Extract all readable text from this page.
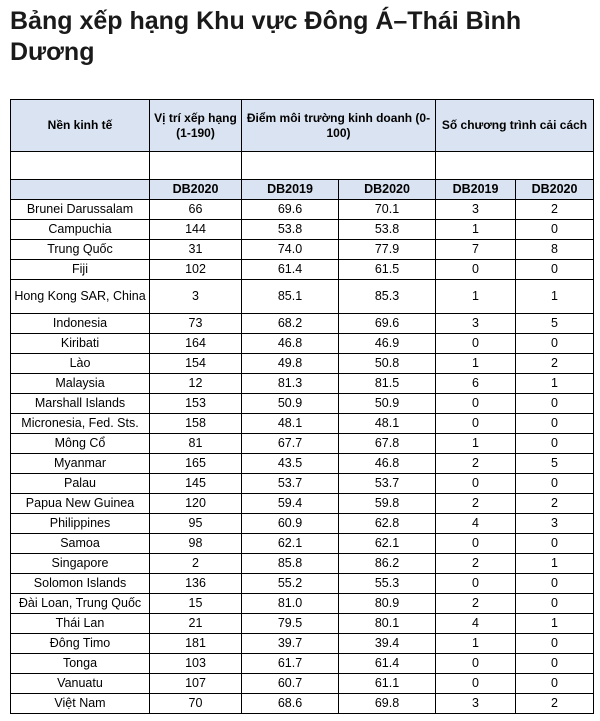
Bảng xếp hạng Khu vực Đông Á–Thái Bình Dương
Nền kinh tế	Vị trí xếp hạng (1-190)	Điểm môi trường kinh doanh (0-100)		Số chương trình cải cách	

	DB2020	DB2019	DB2020	DB2019	DB2020
Brunei Darussalam	66	69.6	70.1	3	2
Campuchia	144	53.8	53.8	1	0
Trung Quốc	31	74.0	77.9	7	8
Fiji	102	61.4	61.5	0	0
Hong Kong SAR, China	3	85.1	85.3	1	1
Indonesia	73	68.2	69.6	3	5
Kiribati	164	46.8	46.9	0	0
Lào	154	49.8	50.8	1	2
Malaysia	12	81.3	81.5	6	1
Marshall Islands	153	50.9	50.9	0	0
Micronesia, Fed. Sts.	158	48.1	48.1	0	0
Mông Cổ	81	67.7	67.8	1	0
Myanmar	165	43.5	46.8	2	5
Palau	145	53.7	53.7	0	0
Papua New Guinea	120	59.4	59.8	2	2
Philippines	95	60.9	62.8	4	3
Samoa	98	62.1	62.1	0	0
Singapore	2	85.8	86.2	2	1
Solomon Islands	136	55.2	55.3	0	0
Đài Loan, Trung Quốc	15	81.0	80.9	2	0
Thái Lan	21	79.5	80.1	4	1
Đông Timo	181	39.7	39.4	1	0
Tonga	103	61.7	61.4	0	0
Vanuatu	107	60.7	61.1	0	0
Việt Nam	70	68.6	69.8	3	2
